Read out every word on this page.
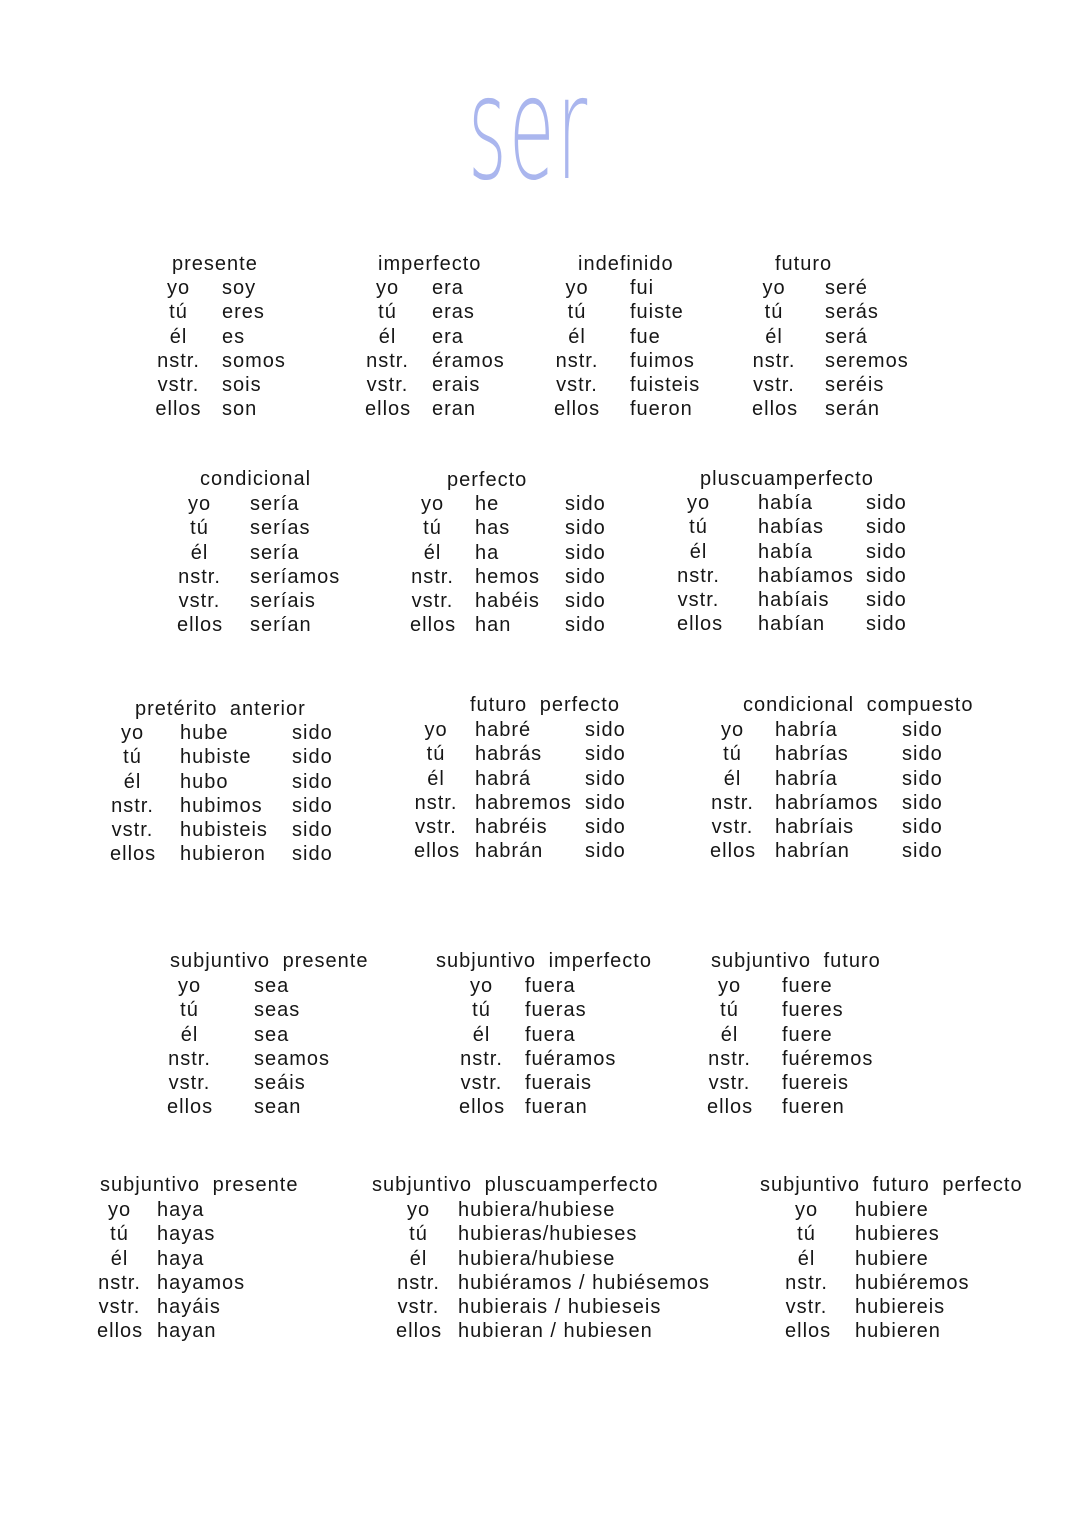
ser
presente
yo	soy
tú	eres
él	es
nstr. somos
vstr. sois
ellos son
imperfecto
yo	era
tú	eras
él	era
nstr. éramos
vstr. erais
ellos eran
indefinido
yo	fui
tú	fuiste
él	fue
nstr. fuimos
vstr. fuisteis
ellos fueron
futuro
yo	seré
tú	serás
él	será
nstr. seremos
vstr. seréis
ellos serán
condicional
yo	sería
tú	serías
él	sería
nstr. seríamos
vstr. seríais
ellos serían
perfecto
yo	he	sido
tú	has	sido
él	ha	sido
nstr. hemos sido
vstr. habéis sido
ellos han	sido
pluscuamperfecto
yo	había	sido
tú	habías sido
él	había	sido
nstr. habíamos sido
vstr. habíais sido
ellos habían sido
pretérito anterior
yo	hube	sido
tú	hubiste sido
él	hubo	sido
nstr. hubimos sido
vstr. hubisteis sido
ellos hubieron sido
futuro perfecto
yo	habré	sido
tú	habrás sido
él	habrá	sido
nstr. habremos sido
vstr. habréis sido
ellos habrán sido
condicional compuesto
yo	habría	sido
tú	habrías	sido
él	habría	sido
nstr. habríamos sido
vstr. habríais sido
ellos habrían	sido
subjuntivo presente
yo	sea
tú	seas
él	sea
nstr. seamos
vstr. seáis
ellos sean
subjuntivo imperfecto
yo	fuera
tú	fueras
él	fuera
nstr. fuéramos
vstr. fuerais
ellos fueran
subjuntivo futuro
yo	fuere
tú	fueres
él	fuere
nstr. fuéremos
vstr. fuereis
ellos fueren
subjuntivo presente
yo	haya
tú	hayas
él	haya
nstr. hayamos
vstr. hayáis
ellos hayan
subjuntivo pluscuamperfecto
yo	hubiera/hubiese
tú	hubieras/hubieses
él	hubiera/hubiese
nstr. hubiéramos / hubiésemos
vstr. hubierais / hubieseis
ellos hubieran / hubiesen
subjuntivo futuro perfecto
yo	hubiere
tú	hubieres
él	hubiere
nstr. hubiéremos
vstr. hubiereis
ellos hubieren
